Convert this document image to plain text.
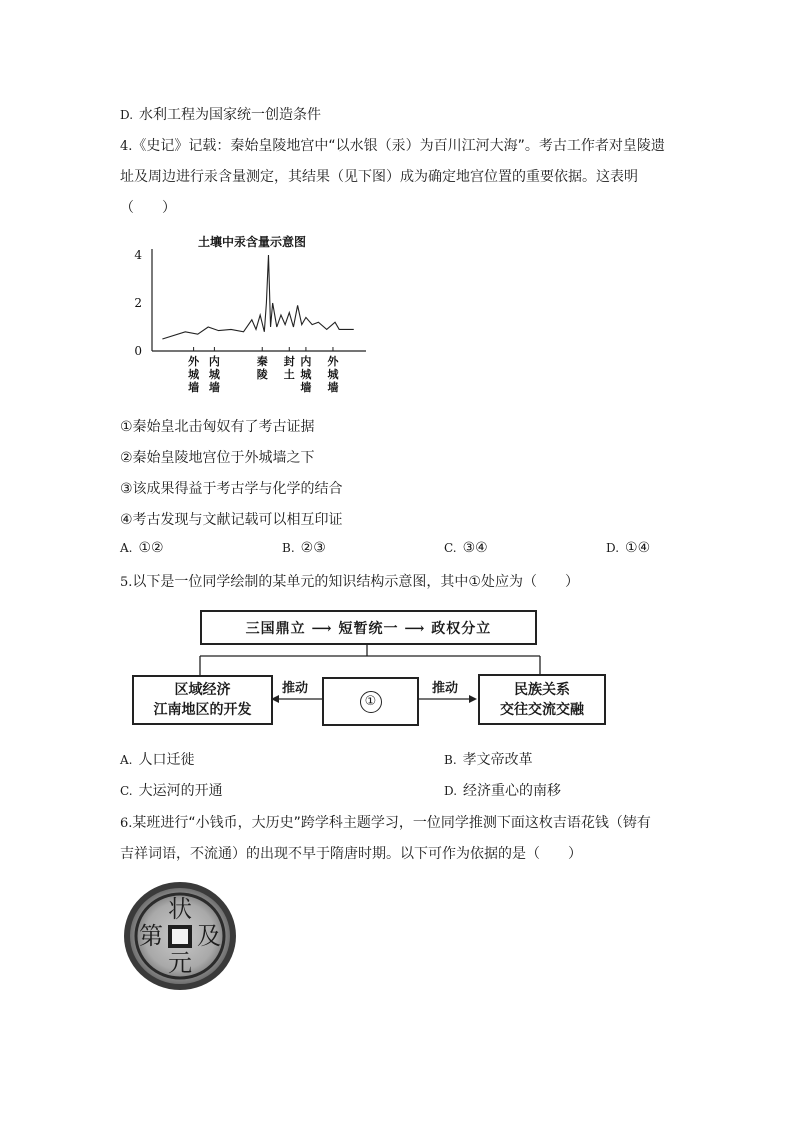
D. 水利工程为国家统一创造条件
4.《史记》记载：秦始皇陵地宫中“以水银（汞）为百川江河大海”。考古工作者对皇陵遗
址及周边进行汞含量测定，其结果（见下图）成为确定地宫位置的重要依据。这表明
（　　）
土壤中汞含量示意图
0
2
4
外城墙
内城墙
秦陵
封土
内城墙
外城墙
①秦始皇北击匈奴有了考古证据
②秦始皇陵地宫位于外城墙之下
③该成果得益于考古学与化学的结合
④考古发现与文献记载可以相互印证
A. ①②	B. ②③	C. ③④	D. ①④
5.以下是一位同学绘制的某单元的知识结构示意图，其中①处应为（　　）
三国鼎立 ⟶ 短暂统一 ⟶ 政权分立
区域经济
江南地区的开发
①
民族关系
交往交流交融
推动	推动
A. 人口迁徙	B. 孝文帝改革
C. 大运河的开通	D. 经济重心的南移
6.某班进行“小钱币，大历史”跨学科主题学习，一位同学推测下面这枚吉语花钱（铸有
吉祥词语，不流通）的出现不早于隋唐时期。以下可作为依据的是（　　）
状
元
及
第
